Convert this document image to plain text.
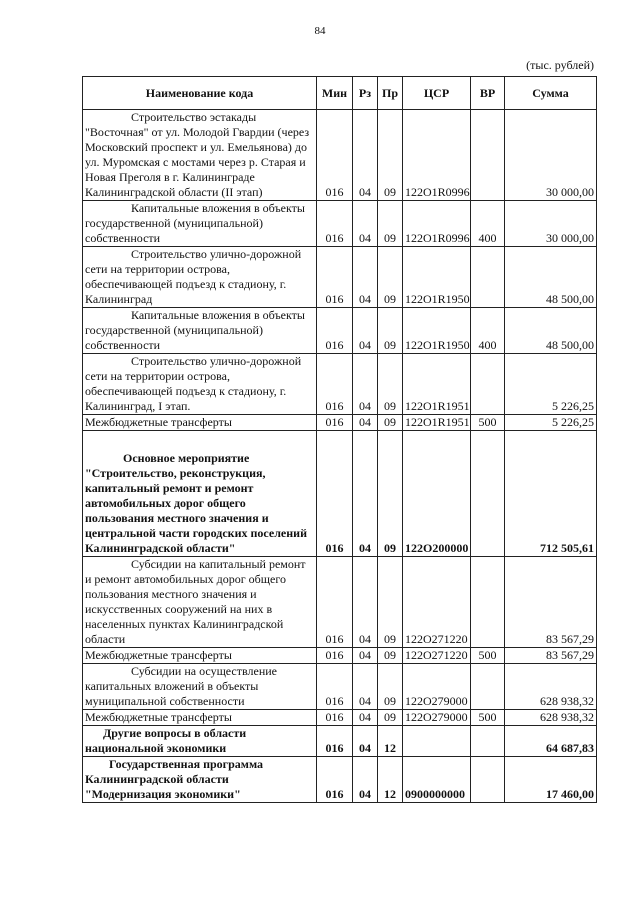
84
(тыс. рублей)
Наименование кода	Мин	Рз	Пр	ЦСР	ВР	Сумма
Строительство эстакады "Восточная" от ул. Молодой Гвардии (через Московский проспект и ул. Емельянова) до ул. Муромская с мостами через р. Старая и Новая Преголя в г. Калининграде Калининградской области (II этап)	016	04	09	122O1R0996		30 000,00
Капитальные вложения в объекты государственной (муниципальной) собственности	016	04	09	122O1R0996	400	30 000,00
Строительство улично-дорожной сети на территории острова, обеспечивающей подъезд к стадиону, г. Калининград	016	04	09	122O1R1950		48 500,00
Капитальные вложения в объекты государственной (муниципальной) собственности	016	04	09	122O1R1950	400	48 500,00
Строительство улично-дорожной сети на территории острова, обеспечивающей подъезд к стадиону, г. Калининград, I этап.	016	04	09	122O1R1951		5 226,25
Межбюджетные трансферты	016	04	09	122O1R1951	500	5 226,25
Основное мероприятие "Строительство, реконструкция, капитальный ремонт и ремонт автомобильных дорог общего пользования местного значения и центральной части городских поселений Калининградской области"	016	04	09	122O200000		712 505,61
Субсидии на капитальный ремонт и ремонт автомобильных дорог общего пользования местного значения и искусственных сооружений на них в населенных пунктах Калининградской области	016	04	09	122O271220		83 567,29
Межбюджетные трансферты	016	04	09	122O271220	500	83 567,29
Субсидии на осуществление капитальных вложений в объекты муниципальной собственности	016	04	09	122O279000		628 938,32
Межбюджетные трансферты	016	04	09	122O279000	500	628 938,32
Другие вопросы в области национальной экономики	016	04	12			64 687,83
Государственная программа Калининградской области "Модернизация экономики"	016	04	12	0900000000		17 460,00
